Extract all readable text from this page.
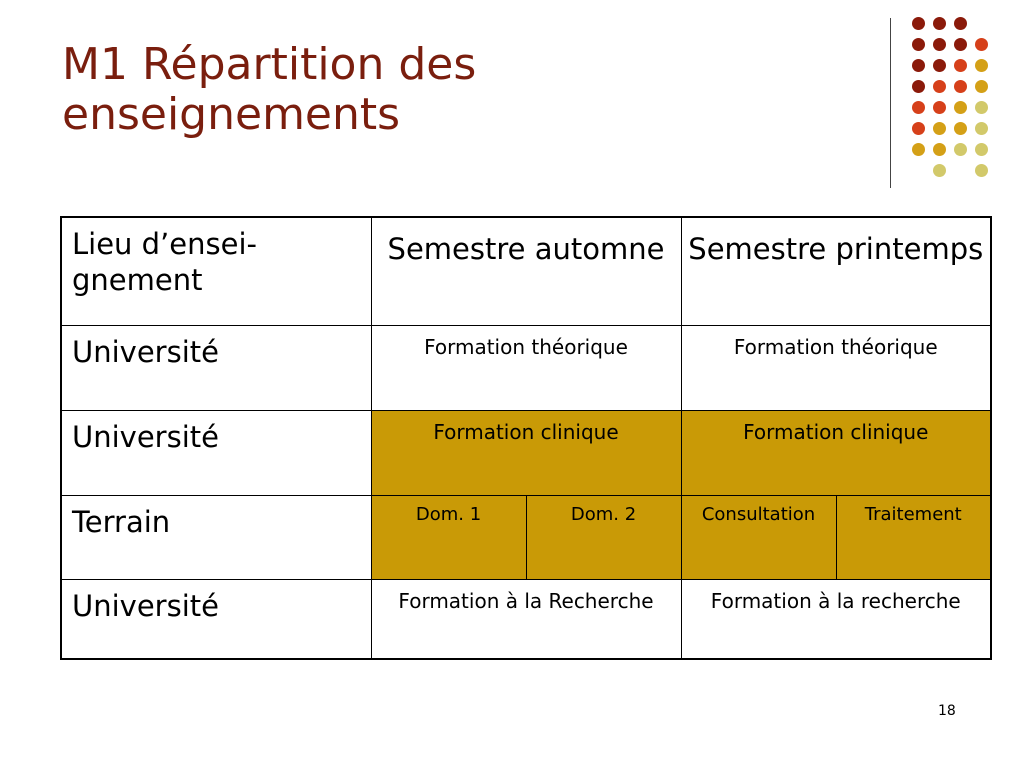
M1 Répartition des
enseignements
Lieu d’ensei-gnement	Semestre automne		Semestre printemps	
Université	Formation théorique		Formation théorique	
Université	Formation clinique		Formation clinique	
Terrain	Dom. 1	Dom. 2	Consultation	Traitement
Université	Formation à la Recherche		Formation à la recherche	
18
